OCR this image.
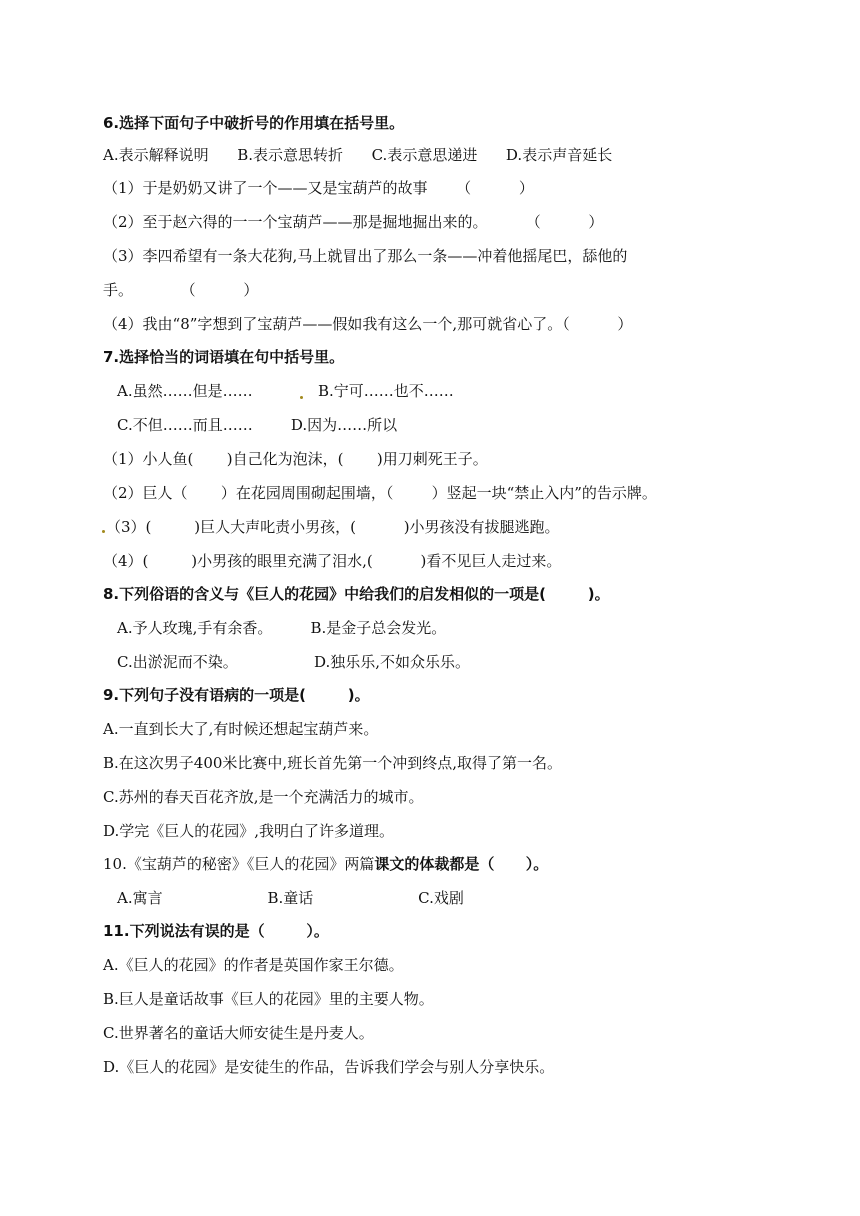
6.选择下面句子中破折号的作用填在括号里。
A.表示解释说明      B.表示意思转折      C.表示意思递进      D.表示声音延长
（1）于是奶奶又讲了一个——又是宝葫芦的故事      （          ）
（2）至于赵六得的一一个宝葫芦——那是掘地掘出来的。        （          ）
（3）李四希望有一条大花狗,马上就冒出了那么一条——冲着他摇尾巴，舔他的
手。          （          ）
（4）我由“8”字想到了宝葫芦——假如我有这么一个,那可就省心了。（          ）
7.选择恰当的词语填在句中括号里。
A.虽然……但是……	B.宁可……也不……
C.不但……而且……        D.因为……所以
（1）小人鱼(       )自己化为泡沫，(       )用刀刺死王子。
（2）巨人（       ）在花园周围砌起围墙，（        ）竖起一块“禁止入内”的告示牌。
（3）(         )巨人大声叱责小男孩，(          )小男孩没有拔腿逃跑。
（4）(         )小男孩的眼里充满了泪水,(          )看不见巨人走过来。
8.下列俗语的含义与《巨人的花园》中给我们的启发相似的一项是(        )。
A.予人玫瑰,手有余香。        B.是金子总会发光。
C.出淤泥而不染。                D.独乐乐,不如众乐乐。
9.下列句子没有语病的一项是(        )。
A.一直到长大了,有时候还想起宝葫芦来。
B.在这次男子400米比赛中,班长首先第一个冲到终点,取得了第一名。
C.苏州的春天百花齐放,是一个充满活力的城市。
D.学完《巨人的花园》,我明白了许多道理。
10.《宝葫芦的秘密》《巨人的花园》两篇课文的体裁都是（      ）。
A.寓言                      B.童话                      C.戏剧
11.下列说法有误的是（        ）。
A.《巨人的花园》的作者是英国作家王尔德。
B.巨人是童话故事《巨人的花园》里的主要人物。
C.世界著名的童话大师安徒生是丹麦人。
D.《巨人的花园》是安徒生的作品，告诉我们学会与别人分享快乐。
